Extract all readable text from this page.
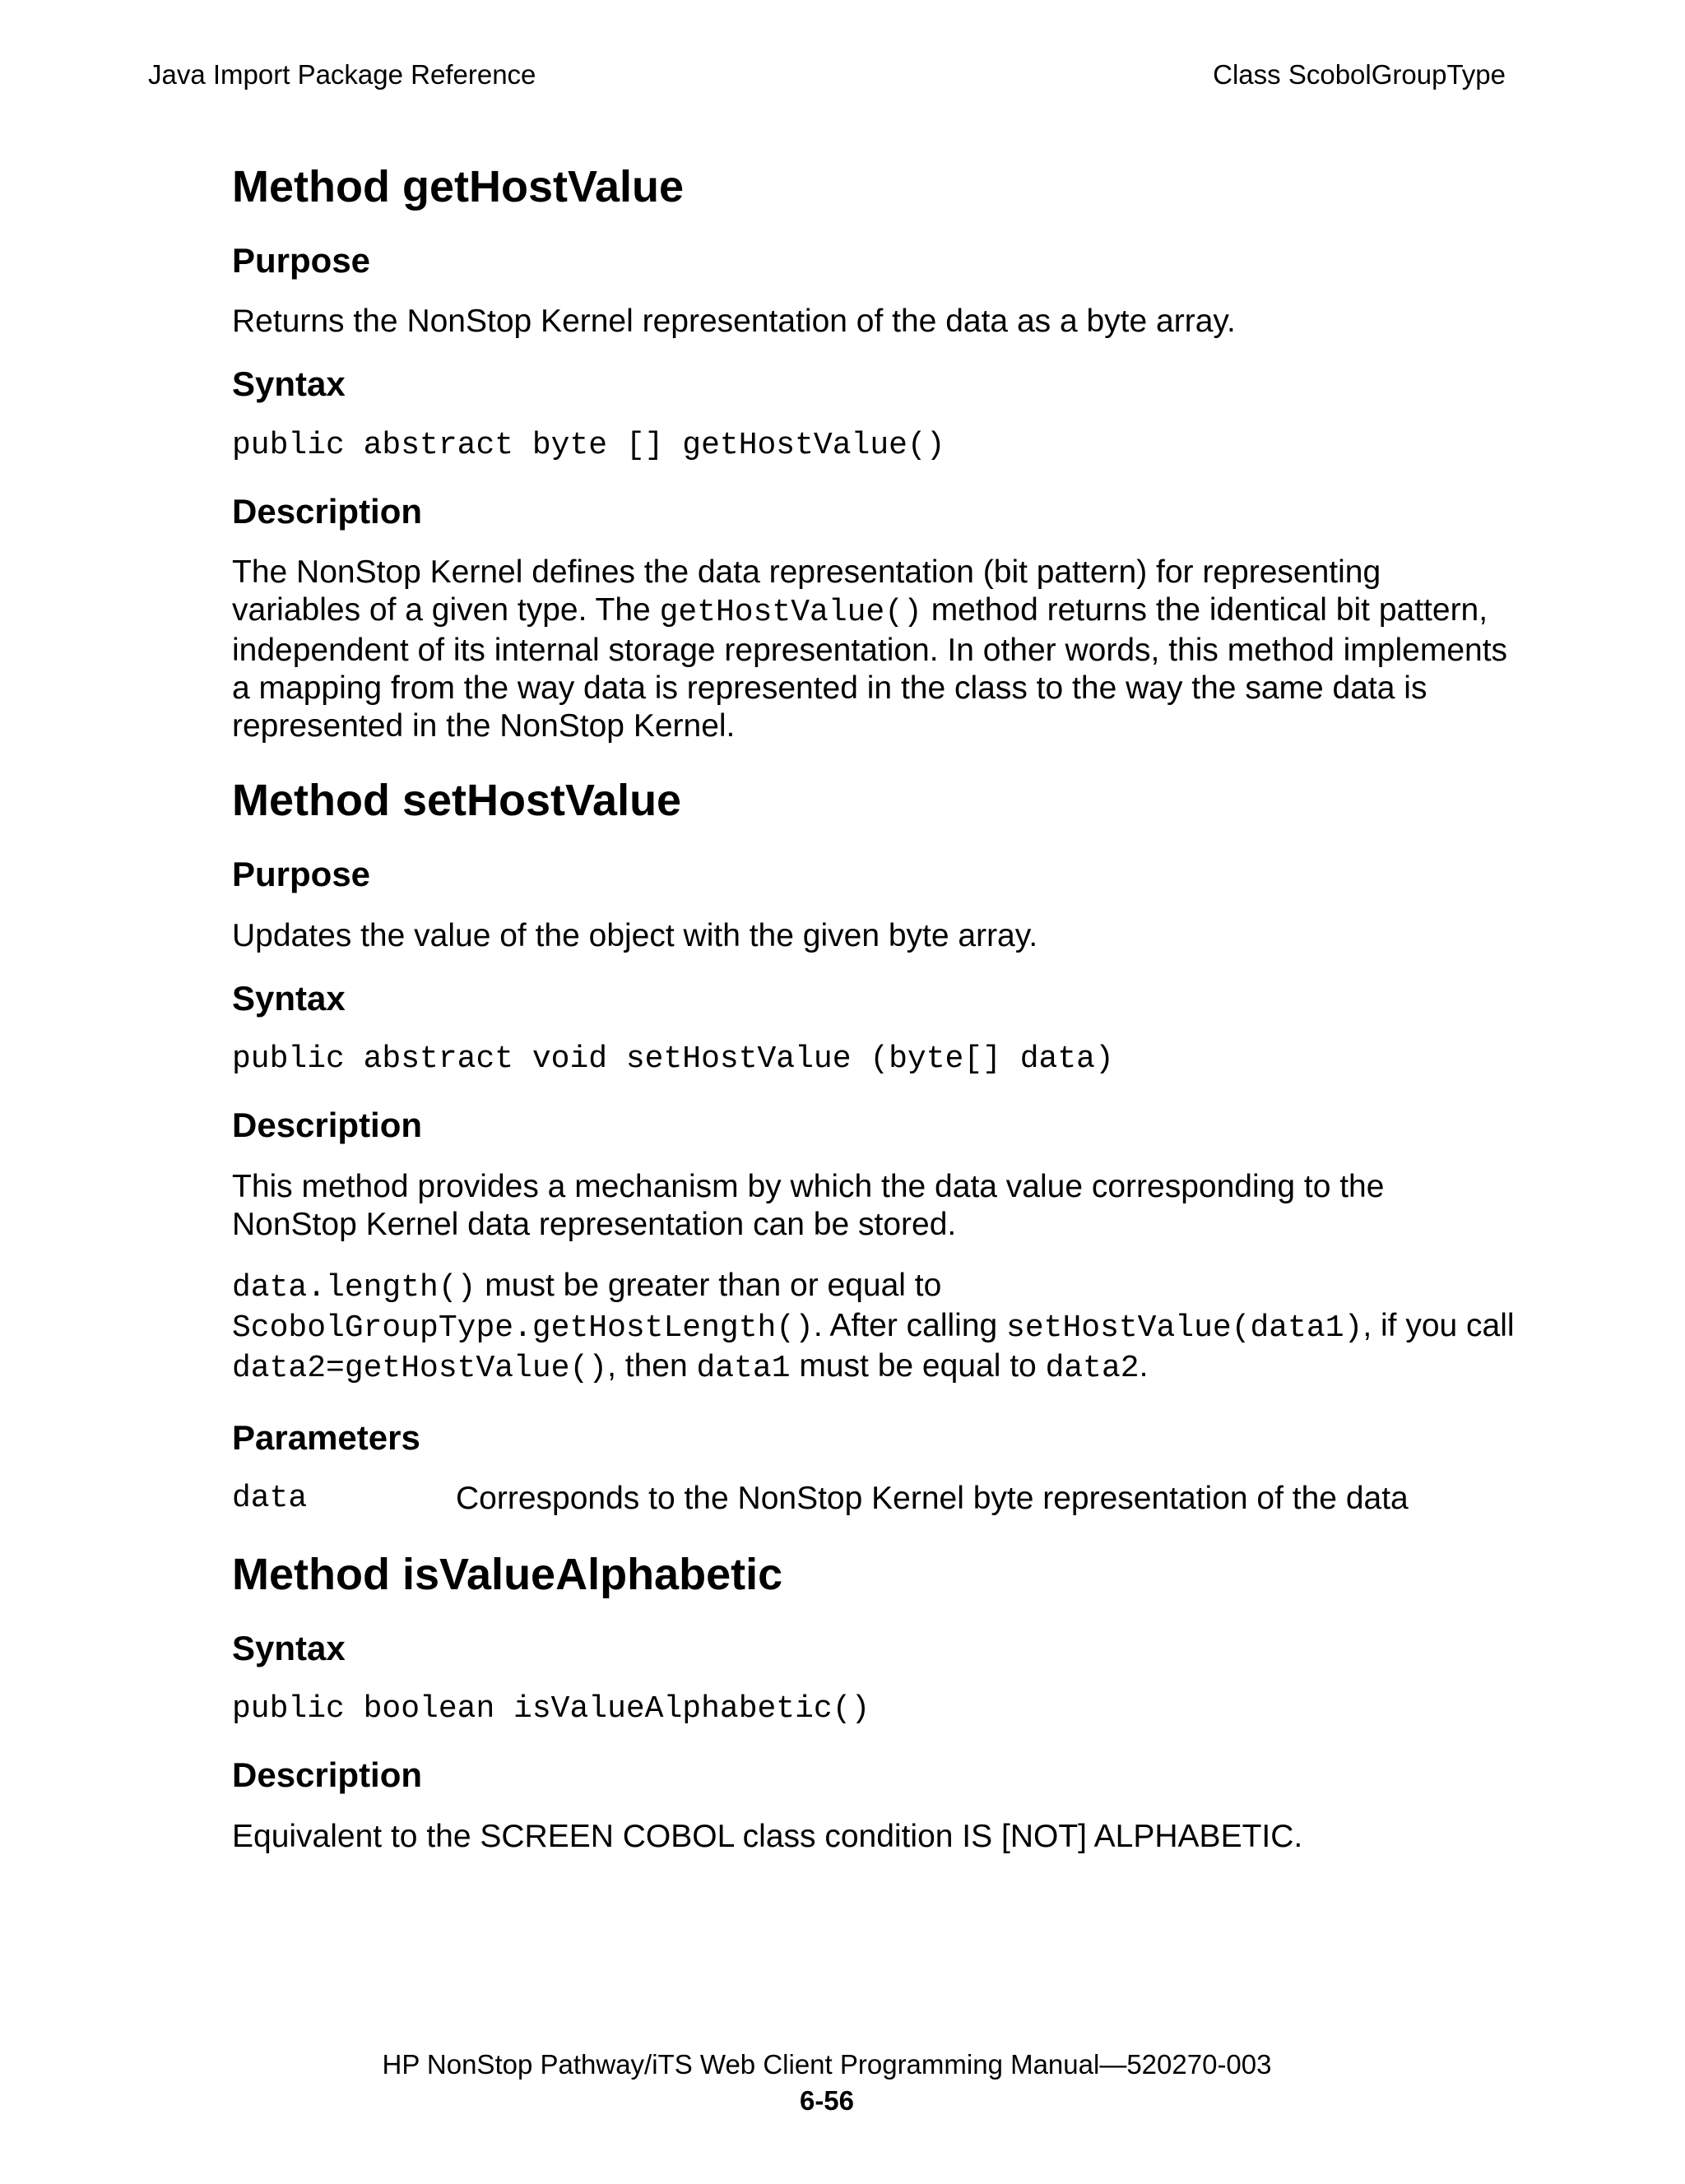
Java Import Package Reference	Class ScobolGroupType
Method getHostValue
Purpose

Returns the NonStop Kernel representation of the data as a byte array.

Syntax
public abstract byte [] getHostValue()
Description

The NonStop Kernel defines the data representation (bit pattern) for representing variables of a given type. The getHostValue() method returns the identical bit pattern, independent of its internal storage representation. In other words, this method implements a mapping from the way data is represented in the class to the way the same data is represented in the NonStop Kernel.

Method setHostValue
Purpose

Updates the value of the object with the given byte array.

Syntax
public abstract void setHostValue (byte[] data)
Description

This method provides a mechanism by which the data value corresponding to the NonStop Kernel data representation can be stored.

data.length() must be greater than or equal to ScobolGroupType.getHostLength(). After calling setHostValue(data1), if you call data2=getHostValue(), then data1 must be equal to data2.

Parameters
data	Corresponds to the NonStop Kernel byte representation of the data
Method isValueAlphabetic
Syntax
public boolean isValueAlphabetic()
Description

Equivalent to the SCREEN COBOL class condition IS [NOT] ALPHABETIC.

HP NonStop Pathway/iTS Web Client Programming Manual—520270-003
6-56
